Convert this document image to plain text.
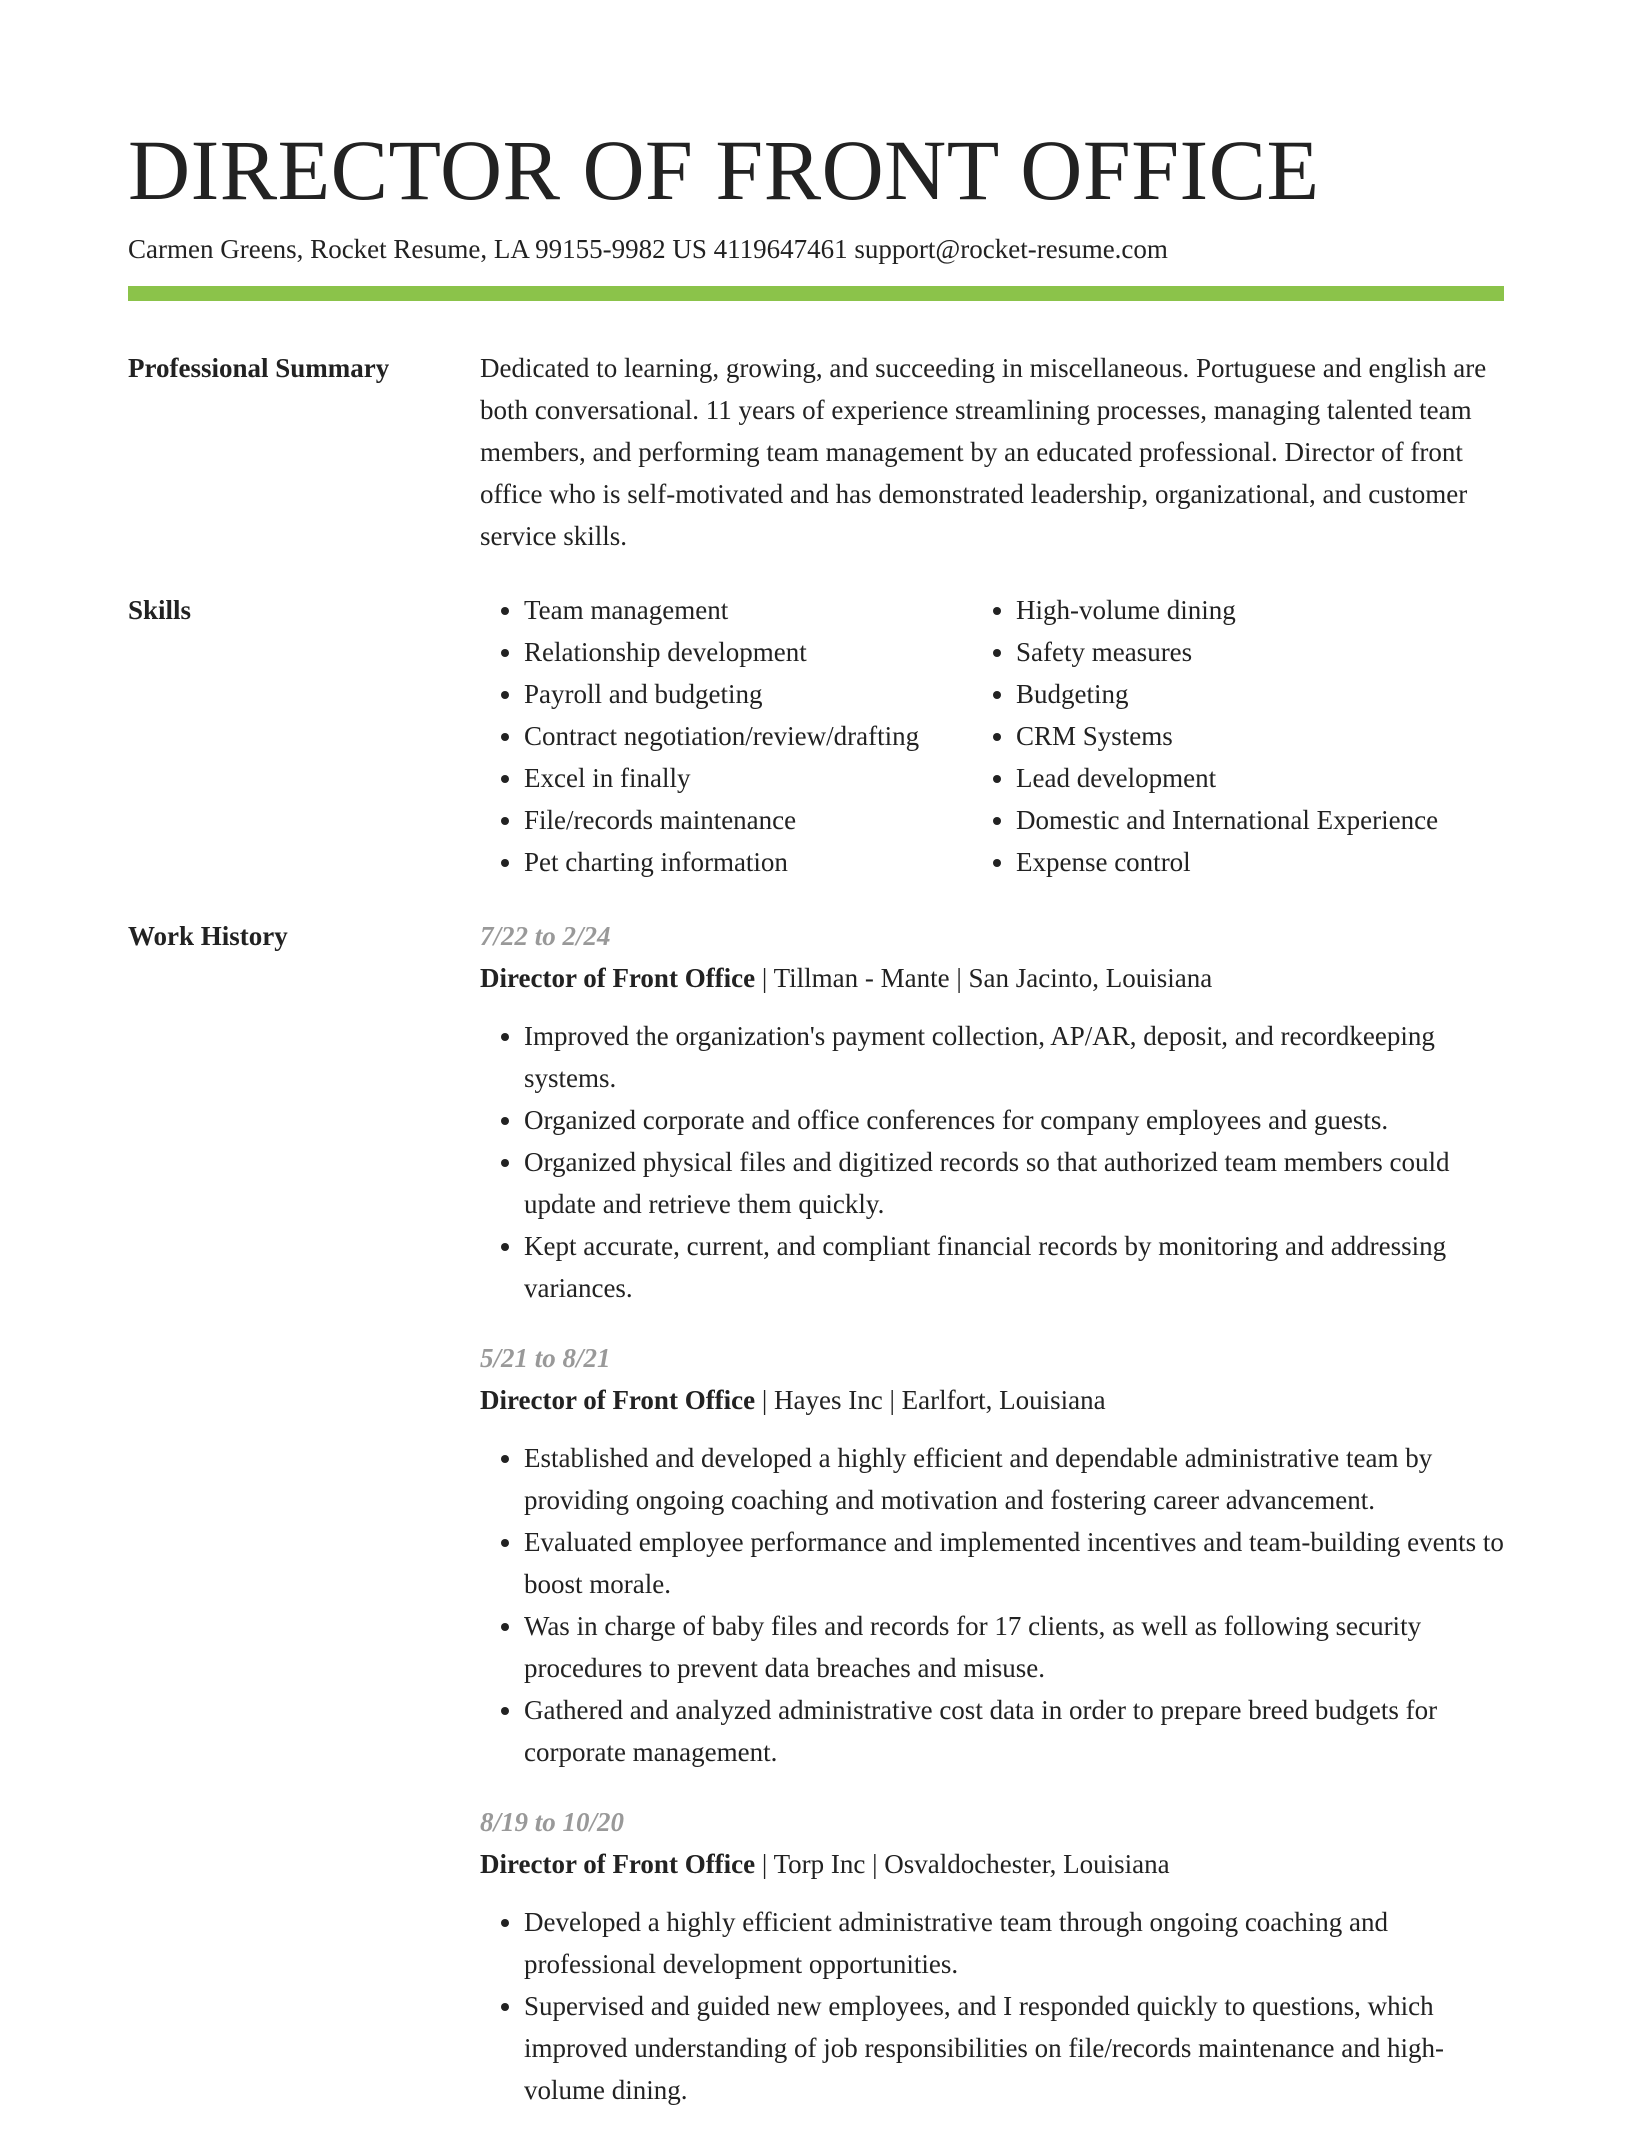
DIRECTOR OF FRONT OFFICE
Carmen Greens, Rocket Resume, LA 99155-9982 US 4119647461 support@rocket-resume.com
Professional Summary	Dedicated to learning, growing, and succeeding in miscellaneous. Portuguese and english are both conversational. 11 years of experience streamlining processes, managing talented team members, and performing team management by an educated professional. Director of front office who is self-motivated and has demonstrated leadership, organizational, and customer service skills.

Skills
•	Team management
• Relationship development
• Payroll and budgeting
• Contract negotiation/review/drafting
• Excel in finally
• File/records maintenance
• Pet charting information
• High-volume dining
• Safety measures
• Budgeting
• CRM Systems
• Lead development
• Domestic and International Experience
• Expense control
Work History	7/22 to 2/24
Director of Front Office | Tillman - Mante | San Jacinto, Louisiana
• Improved the organization's payment collection, AP/AR, deposit, and recordkeeping systems.
• Organized corporate and office conferences for company employees and guests.
• Organized physical files and digitized records so that authorized team members could update and retrieve them quickly.
• Kept accurate, current, and compliant financial records by monitoring and addressing variances.
5/21 to 8/21
Director of Front Office | Hayes Inc | Earlfort, Louisiana
• Established and developed a highly efficient and dependable administrative team by providing ongoing coaching and motivation and fostering career advancement.
• Evaluated employee performance and implemented incentives and team-building events to boost morale.
• Was in charge of baby files and records for 17 clients, as well as following security procedures to prevent data breaches and misuse.
• Gathered and analyzed administrative cost data in order to prepare breed budgets for corporate management.
8/19 to 10/20
Director of Front Office | Torp Inc | Osvaldochester, Louisiana
• Developed a highly efficient administrative team through ongoing coaching and professional development opportunities.
• Supervised and guided new employees, and I responded quickly to questions, which improved understanding of job responsibilities on file/records maintenance and high-volume dining.
